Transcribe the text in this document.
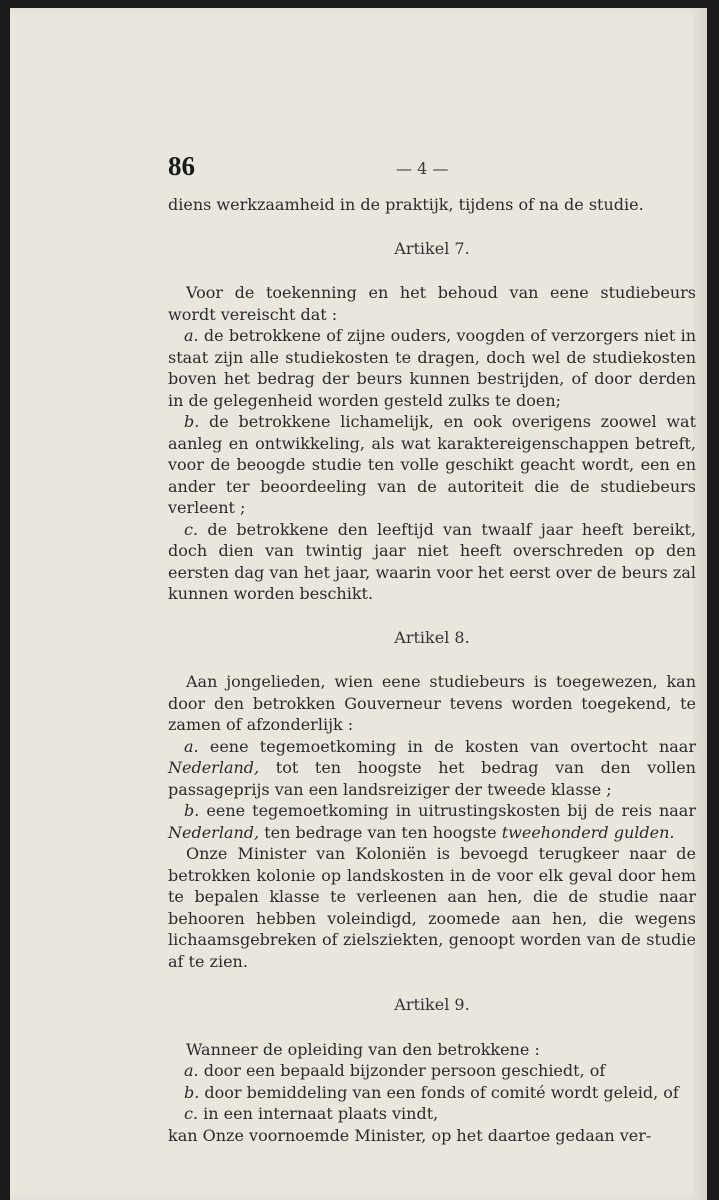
86	— 4 —

diens werkzaamheid in de praktijk, tijdens of na de studie.

Artikel 7.

Voor de toekenning en het behoud van eene studiebeurs wordt vereischt dat :

a. de betrokkene of zijne ouders, voogden of verzorgers niet in staat zijn alle studiekosten te dragen, doch wel de studiekosten boven het bedrag der beurs kunnen bestrijden, of door derden in de gelegenheid worden gesteld zulks te doen;

b. de betrokkene lichamelijk, en ook overigens zoowel wat aanleg en ontwikkeling, als wat karaktereigenschappen betreft, voor de beoogde studie ten volle geschikt geacht wordt, een en ander ter beoordeeling van de autoriteit die de studiebeurs verleent ;

c. de betrokkene den leeftijd van twaalf jaar heeft bereikt, doch dien van twintig jaar niet heeft overschreden op den eersten dag van het jaar, waarin voor het eerst over de beurs zal kunnen worden beschikt.

Artikel 8.

Aan jongelieden, wien eene studiebeurs is toegewezen, kan door den betrokken Gouverneur tevens worden toegekend, te zamen of afzonderlijk :

a. eene tegemoetkoming in de kosten van overtocht naar Nederland, tot ten hoogste het bedrag van den vollen passageprijs van een landsreiziger der tweede klasse ;

b. eene tegemoetkoming in uitrustingskosten bij de reis naar Nederland, ten bedrage van ten hoogste tweehonderd gulden.

Onze Minister van Koloniën is bevoegd terugkeer naar de betrokken kolonie op landskosten in de voor elk geval door hem te bepalen klasse te verleenen aan hen, die de studie naar behooren hebben voleindigd, zoomede aan hen, die wegens lichaamsgebreken of zielsziekten, genoopt worden van de studie af te zien.

Artikel 9.

Wanneer de opleiding van den betrokkene :

a. door een bepaald bijzonder persoon geschiedt, of

b. door bemiddeling van een fonds of comité wordt geleid, of

c. in een internaat plaats vindt,

kan Onze voornoemde Minister, op het daartoe gedaan ver-
